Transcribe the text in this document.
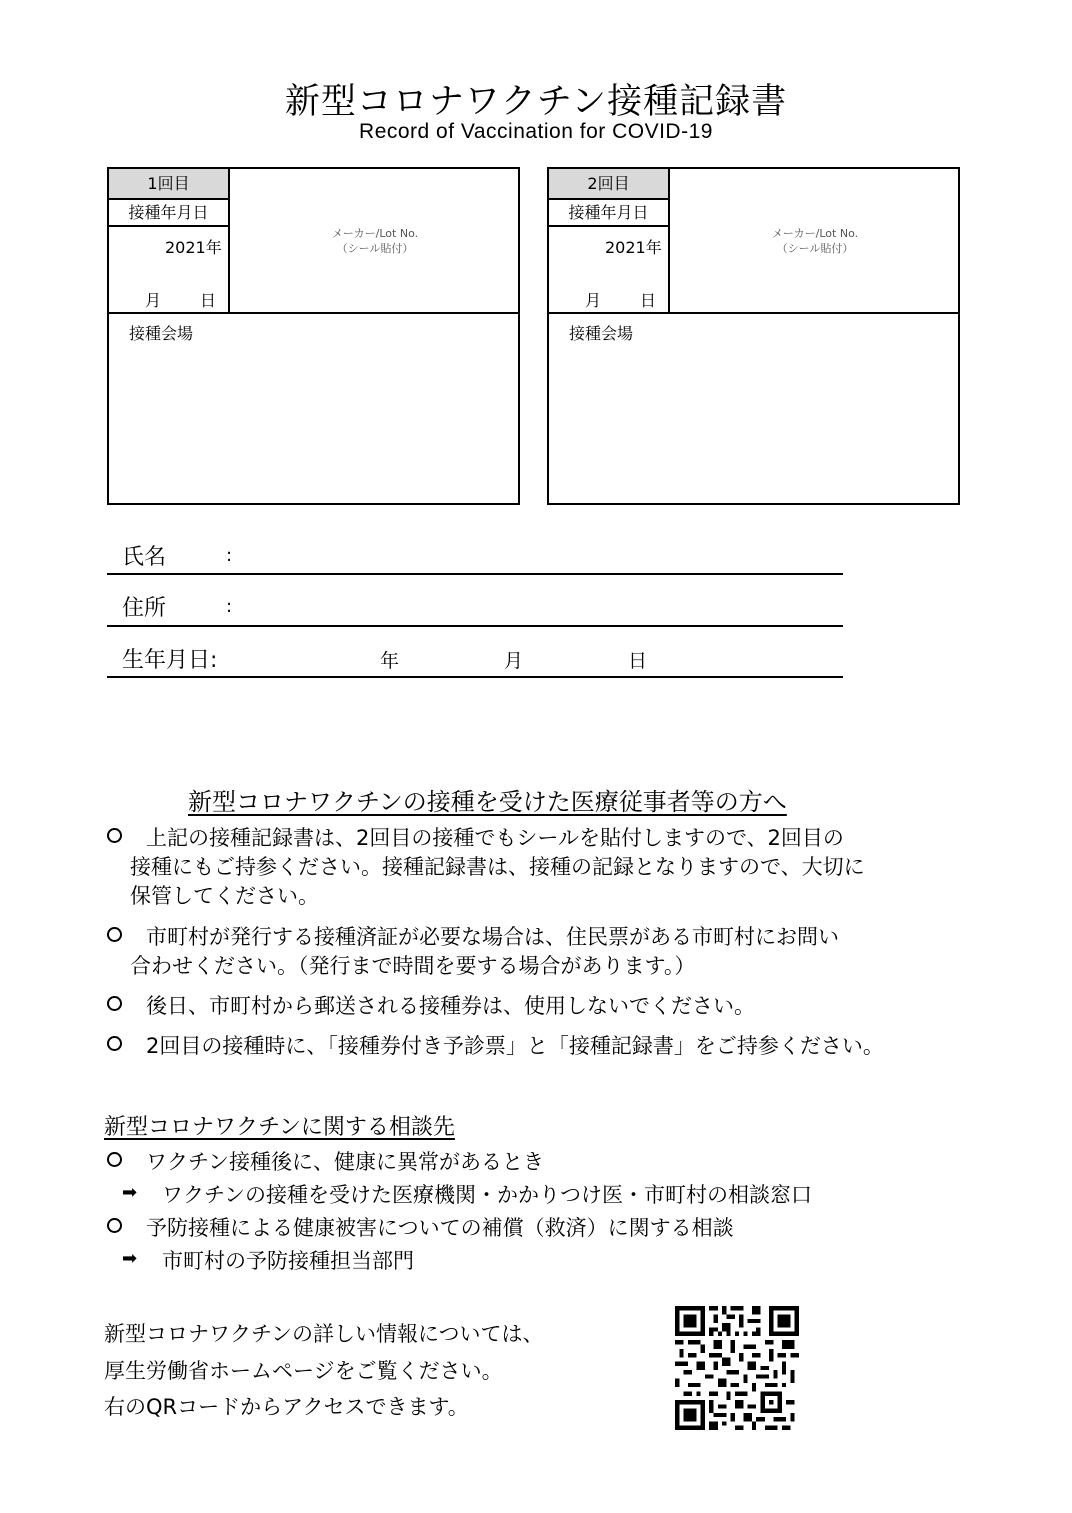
新型コロナワクチン接種記録書
Record of Vaccination for COVID-19
1回目
接種年月日
2021年
月 日
メーカー/Lot No.
（シール貼付）
接種会場
2回目
接種年月日
2021年
月 日
メーカー/Lot No.
（シール貼付）
接種会場
氏名	:
住所	:
生年月日:	年	月	日
新型コロナワクチンの接種を受けた医療従事者等の方へ
上記の接種記録書は、2回目の接種でもシールを貼付しますので、2回目の
接種にもご持参ください。接種記録書は、接種の記録となりますので、大切に
保管してください。
市町村が発行する接種済証が必要な場合は、住民票がある市町村にお問い
合わせください。（発行まで時間を要する場合があります。）
後日、市町村から郵送される接種券は、使用しないでください。
2回目の接種時に、「接種券付き予診票」と「接種記録書」をご持参ください。
新型コロナワクチンに関する相談先
ワクチン接種後に、健康に異常があるとき
➡ ワクチンの接種を受けた医療機関・かかりつけ医・市町村の相談窓口
予防接種による健康被害についての補償（救済）に関する相談
➡ 市町村の予防接種担当部門
新型コロナワクチンの詳しい情報については、
厚生労働省ホームページをご覧ください。
右のQRコードからアクセスできます。
